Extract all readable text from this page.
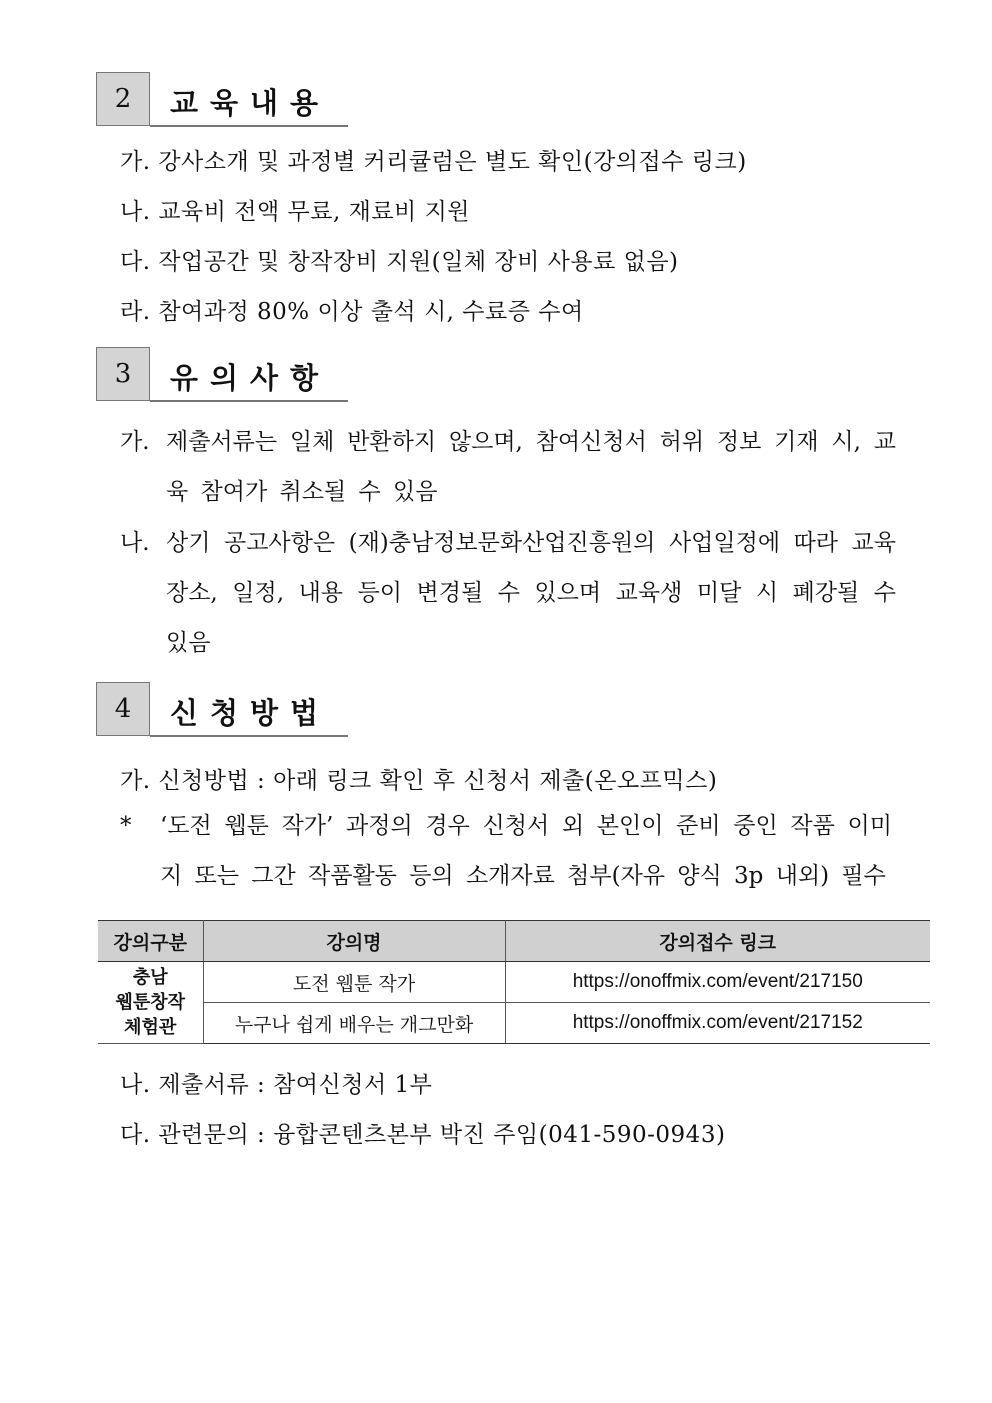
2	교육내용
가. 강사소개 및 과정별 커리큘럼은 별도 확인(강의접수 링크)
나. 교육비 전액 무료, 재료비 지원
다. 작업공간 및 창작장비 지원(일체 장비 사용료 없음)
라. 참여과정 80% 이상 출석 시, 수료증 수여
3	유의사항
가. 제출서류는 일체 반환하지 않으며, 참여신청서 허위 정보 기재 시, 교육 참여가 취소될 수 있음
나. 상기 공고사항은 (재)충남정보문화산업진흥원의 사업일정에 따라 교육장소, 일정, 내용 등이 변경될 수 있으며 교육생 미달 시 폐강될 수 있음
4	신청방법
가. 신청방법 : 아래 링크 확인 후 신청서 제출(온오프믹스)
* ‘도전 웹툰 작가’ 과정의 경우 신청서 외 본인이 준비 중인 작품 이미지 또는 그간 작품활동 등의 소개자료 첨부(자유 양식 3p 내외) 필수
강의구분	강의명	강의접수 링크
충남
웹툰창작
체험관	도전 웹툰 작가	https://onoffmix.com/event/217150
	누구나 쉽게 배우는 개그만화	https://onoffmix.com/event/217152
나. 제출서류 : 참여신청서 1부
다. 관련문의 : 융합콘텐츠본부 박진 주임(041-590-0943)
